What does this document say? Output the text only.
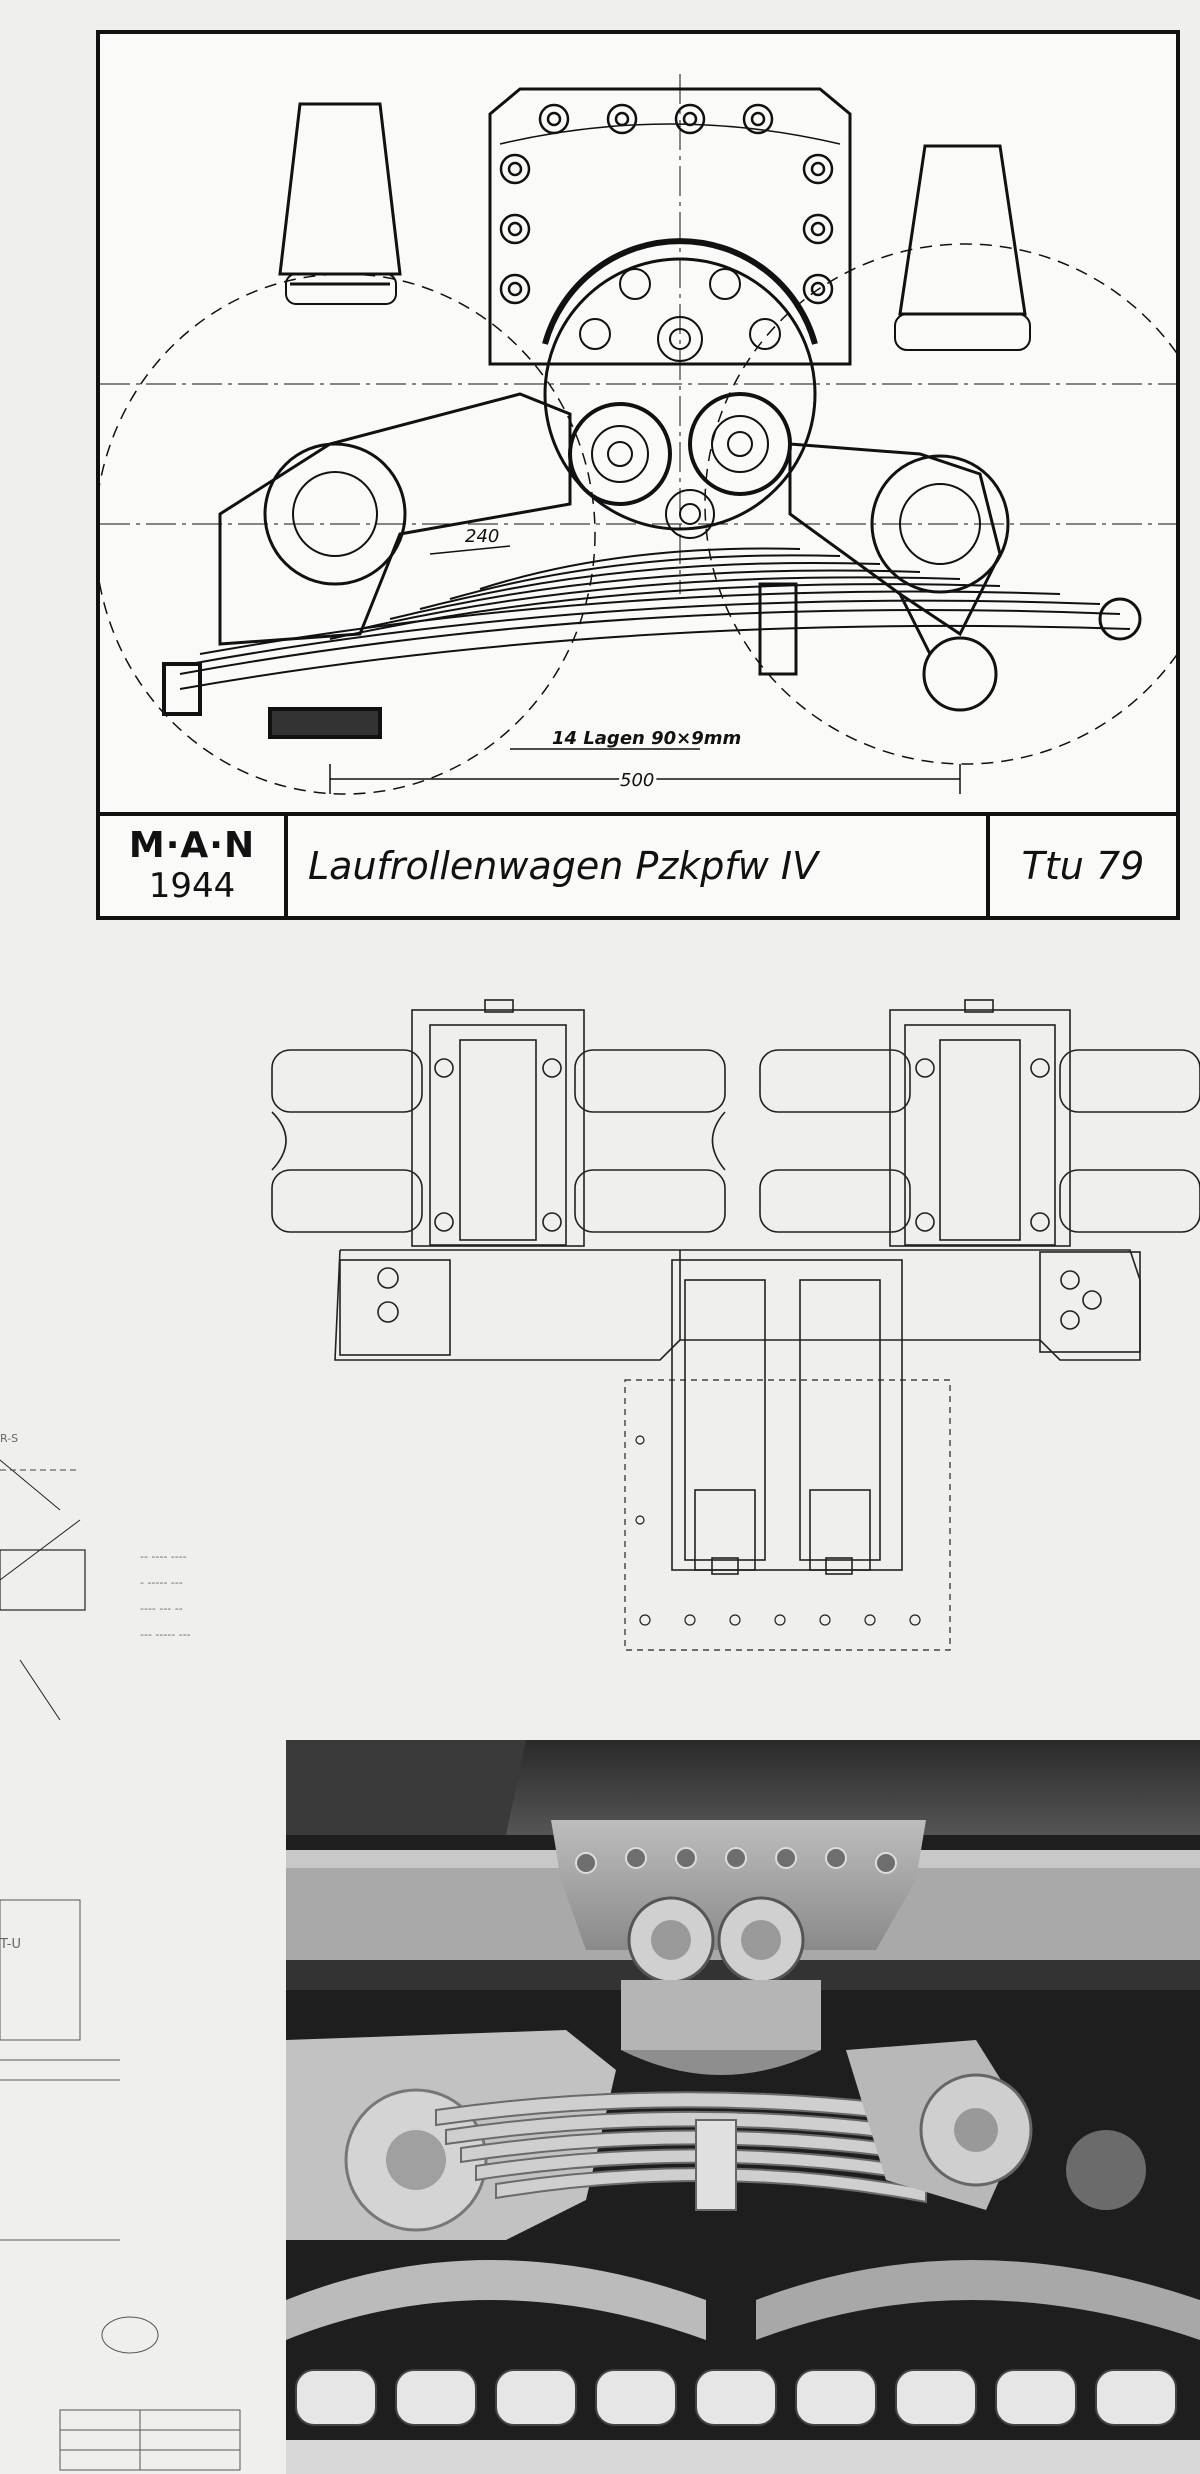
240
14 Lagen 90×9mm
500
M·A·N
1944	Laufrollenwagen Pzkpfw IV	Ttu 79
R-S
-- ---- ----
- ----- ---
---- --- --
--- ----- ---
T-U
